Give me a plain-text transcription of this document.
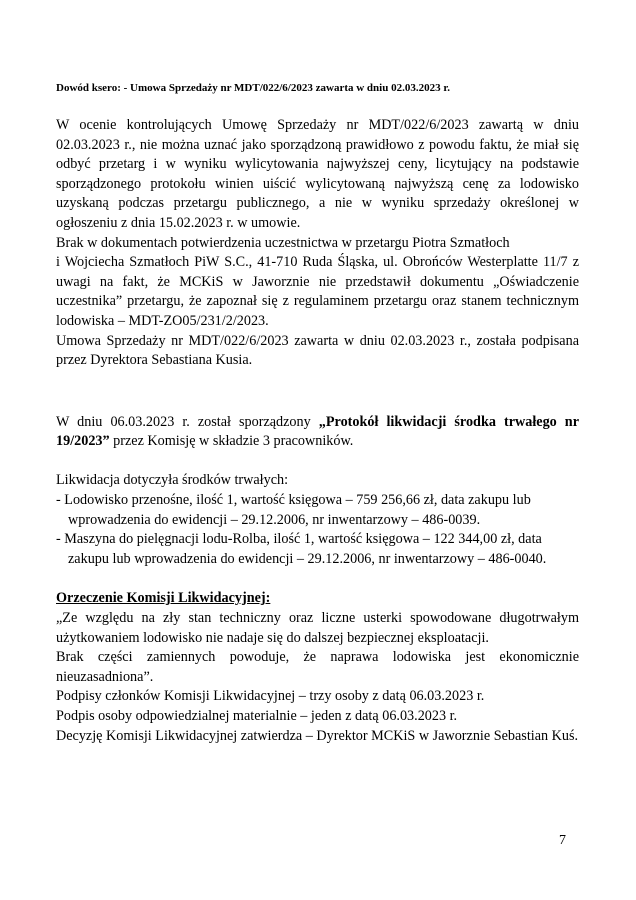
Dowód ksero: - Umowa Sprzedaży nr MDT/022/6/2023 zawarta w dniu 02.03.2023 r.

W ocenie kontrolujących Umowę Sprzedaży nr MDT/022/6/2023 zawartą w dniu 02.03.2023 r., nie można uznać jako sporządzoną prawidłowo z powodu faktu, że miał się odbyć przetarg i w wyniku wylicytowania najwyższej ceny, licytujący na podstawie sporządzonego protokołu winien uiścić wylicytowaną najwyższą cenę za lodowisko uzyskaną podczas przetargu publicznego, a nie w wyniku sprzedaży określonej w ogłoszeniu z dnia 15.02.2023 r. w umowie.

Brak w dokumentach potwierdzenia uczestnictwa w przetargu Piotra Szmatłoch

i Wojciecha Szmatłoch PiW S.C., 41-710 Ruda Śląska, ul. Obrońców Westerplatte 11/7 z uwagi na fakt, że MCKiS w Jaworznie nie przedstawił dokumentu „Oświadczenie uczestnika” przetargu, że zapoznał się z regulaminem przetargu oraz stanem technicznym lodowiska – MDT-ZO05/231/2/2023.

Umowa Sprzedaży nr MDT/022/6/2023 zawarta w dniu 02.03.2023 r., została podpisana przez Dyrektora Sebastiana Kusia.

W dniu 06.03.2023 r. został sporządzony „Protokół likwidacji środka trwałego nr 19/2023” przez Komisję w składzie 3 pracowników.

Likwidacja dotyczyła środków trwałych:

- Lodowisko przenośne, ilość 1, wartość księgowa – 759 256,66 zł, data zakupu lub wprowadzenia do ewidencji – 29.12.2006, nr inwentarzowy – 486-0039.

- Maszyna do pielęgnacji lodu-Rolba, ilość 1, wartość księgowa – 122 344,00 zł, data zakupu lub wprowadzenia do ewidencji – 29.12.2006, nr inwentarzowy – 486-0040.

Orzeczenie Komisji Likwidacyjnej:

„Ze względu na zły stan techniczny oraz liczne usterki spowodowane długotrwałym użytkowaniem lodowisko nie nadaje się do dalszej bezpiecznej eksploatacji.

Brak części zamiennych powoduje, że naprawa lodowiska jest ekonomicznie nieuzasadniona”.

Podpisy członków Komisji Likwidacyjnej – trzy osoby z datą 06.03.2023 r.

Podpis osoby odpowiedzialnej materialnie – jeden z datą 06.03.2023 r.

Decyzję Komisji Likwidacyjnej zatwierdza – Dyrektor MCKiS w Jaworznie Sebastian Kuś.

7
